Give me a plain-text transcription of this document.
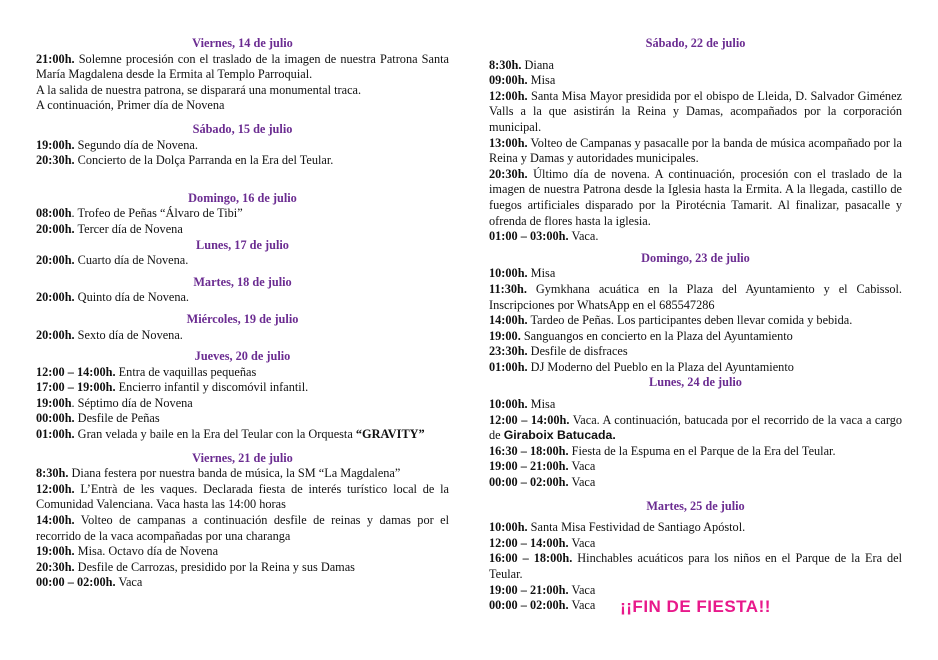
Viernes, 14 de julio

21:00h. Solemne procesión con el traslado de la imagen de nuestra Patrona Santa María Magdalena desde la Ermita al Templo Parroquial.

A la salida de nuestra patrona, se disparará una monumental traca.

A continuación, Primer día de Novena

Sábado, 15 de julio

19:00h. Segundo día de Novena.

20:30h. Concierto de la Dolça Parranda en la Era del Teular.

Domingo, 16 de julio

08:00h. Trofeo de Peñas “Álvaro de Tibi”

20:00h. Tercer día de Novena

Lunes, 17 de julio

20:00h. Cuarto día de Novena.

Martes, 18 de julio

20:00h. Quinto día de Novena.

Miércoles, 19 de julio

20:00h. Sexto día de Novena.

Jueves, 20 de julio

12:00 – 14:00h. Entra de vaquillas pequeñas

17:00 – 19:00h. Encierro infantil y discomóvil infantil.

19:00h. Séptimo día de Novena

00:00h. Desfile de Peñas

01:00h. Gran velada y baile en la Era del Teular con la Orquesta “GRAVITY”

Viernes, 21 de julio

8:30h. Diana festera por nuestra banda de música, la SM “La Magdalena”

12:00h. L’Entrà de les vaques. Declarada fiesta de interés turístico local de la Comunidad Valenciana. Vaca hasta las 14:00 horas

14:00h. Volteo de campanas a continuación desfile de reinas y damas por el recorrido de la vaca acompañadas por una charanga

19:00h. Misa. Octavo día de Novena

20:30h. Desfile de Carrozas, presidido por la Reina y sus Damas

00:00 – 02:00h. Vaca

Sábado, 22 de julio

8:30h. Diana

09:00h. Misa

12:00h. Santa Misa Mayor presidida por el obispo de Lleida, D. Salvador Giménez Valls a la que asistirán la Reina y Damas, acompañados por la corporación municipal.

13:00h. Volteo de Campanas y pasacalle por la banda de música acompañado por la Reina y Damas y autoridades municipales.

20:30h. Último día de novena. A continuación, procesión con el traslado de la imagen de nuestra Patrona desde la Iglesia hasta la Ermita. A la llegada, castillo de fuegos artificiales disparado por la Pirotécnia Tamarit. Al finalizar, pasacalle y ofrenda de flores hasta la iglesia.

01:00 – 03:00h. Vaca.

Domingo, 23 de julio

10:00h. Misa

11:30h. Gymkhana acuática en la Plaza del Ayuntamiento y el Cabissol. Inscripciones por WhatsApp en el 685547286

14:00h. Tardeo de Peñas. Los participantes deben llevar comida y bebida.

19:00. Sanguangos en concierto en la Plaza del Ayuntamiento

23:30h. Desfile de disfraces

01:00h. DJ Moderno del Pueblo en la Plaza del Ayuntamiento

Lunes, 24 de julio

10:00h. Misa

12:00 – 14:00h. Vaca. A continuación, batucada por el recorrido de la vaca a cargo de Giraboix Batucada.

16:30 – 18:00h. Fiesta de la Espuma en el Parque de la Era del Teular.

19:00 – 21:00h. Vaca

00:00 – 02:00h. Vaca

Martes, 25 de julio

10:00h. Santa Misa Festividad de Santiago Apóstol.

12:00 – 14:00h. Vaca

16:00 – 18:00h. Hinchables acuáticos para los niños en el Parque de la Era del Teular.

19:00 – 21:00h. Vaca

00:00 – 02:00h. Vaca	¡¡FIN DE FIESTA!!
